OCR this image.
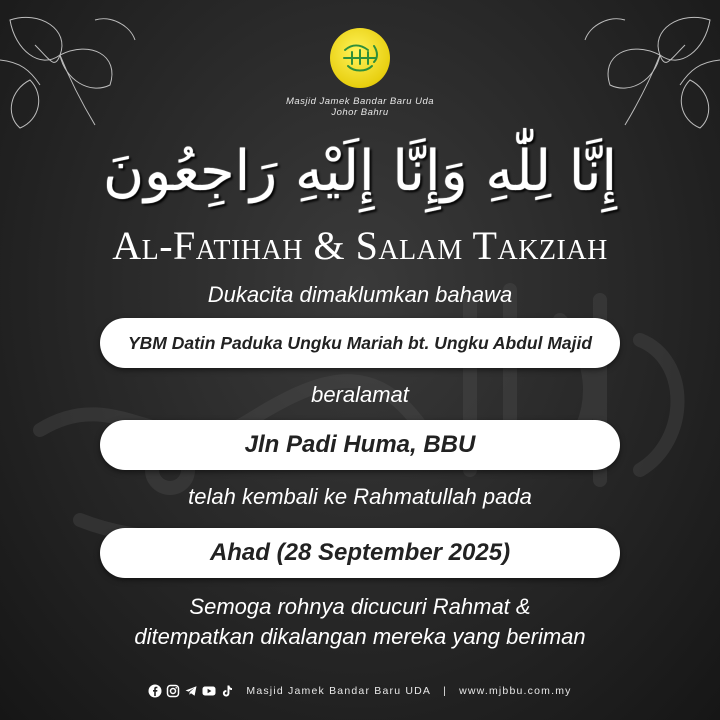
Masjid Jamek Bandar Baru Uda
Johor Bahru
إِنَّا لِلّٰهِ وَإِنَّا إِلَيْهِ رَاجِعُونَ
Al-Fatihah & Salam Takziah
Dukacita dimaklumkan bahawa
YBM Datin Paduka Ungku Mariah bt. Ungku Abdul Majid
beralamat
Jln Padi Huma, BBU
telah kembali ke Rahmatullah pada
Ahad (28 September 2025)
Semoga rohnya dicucuri Rahmat &
ditempatkan dikalangan mereka yang beriman
Masjid Jamek Bandar Baru UDA | www.mjbbu.com.my
